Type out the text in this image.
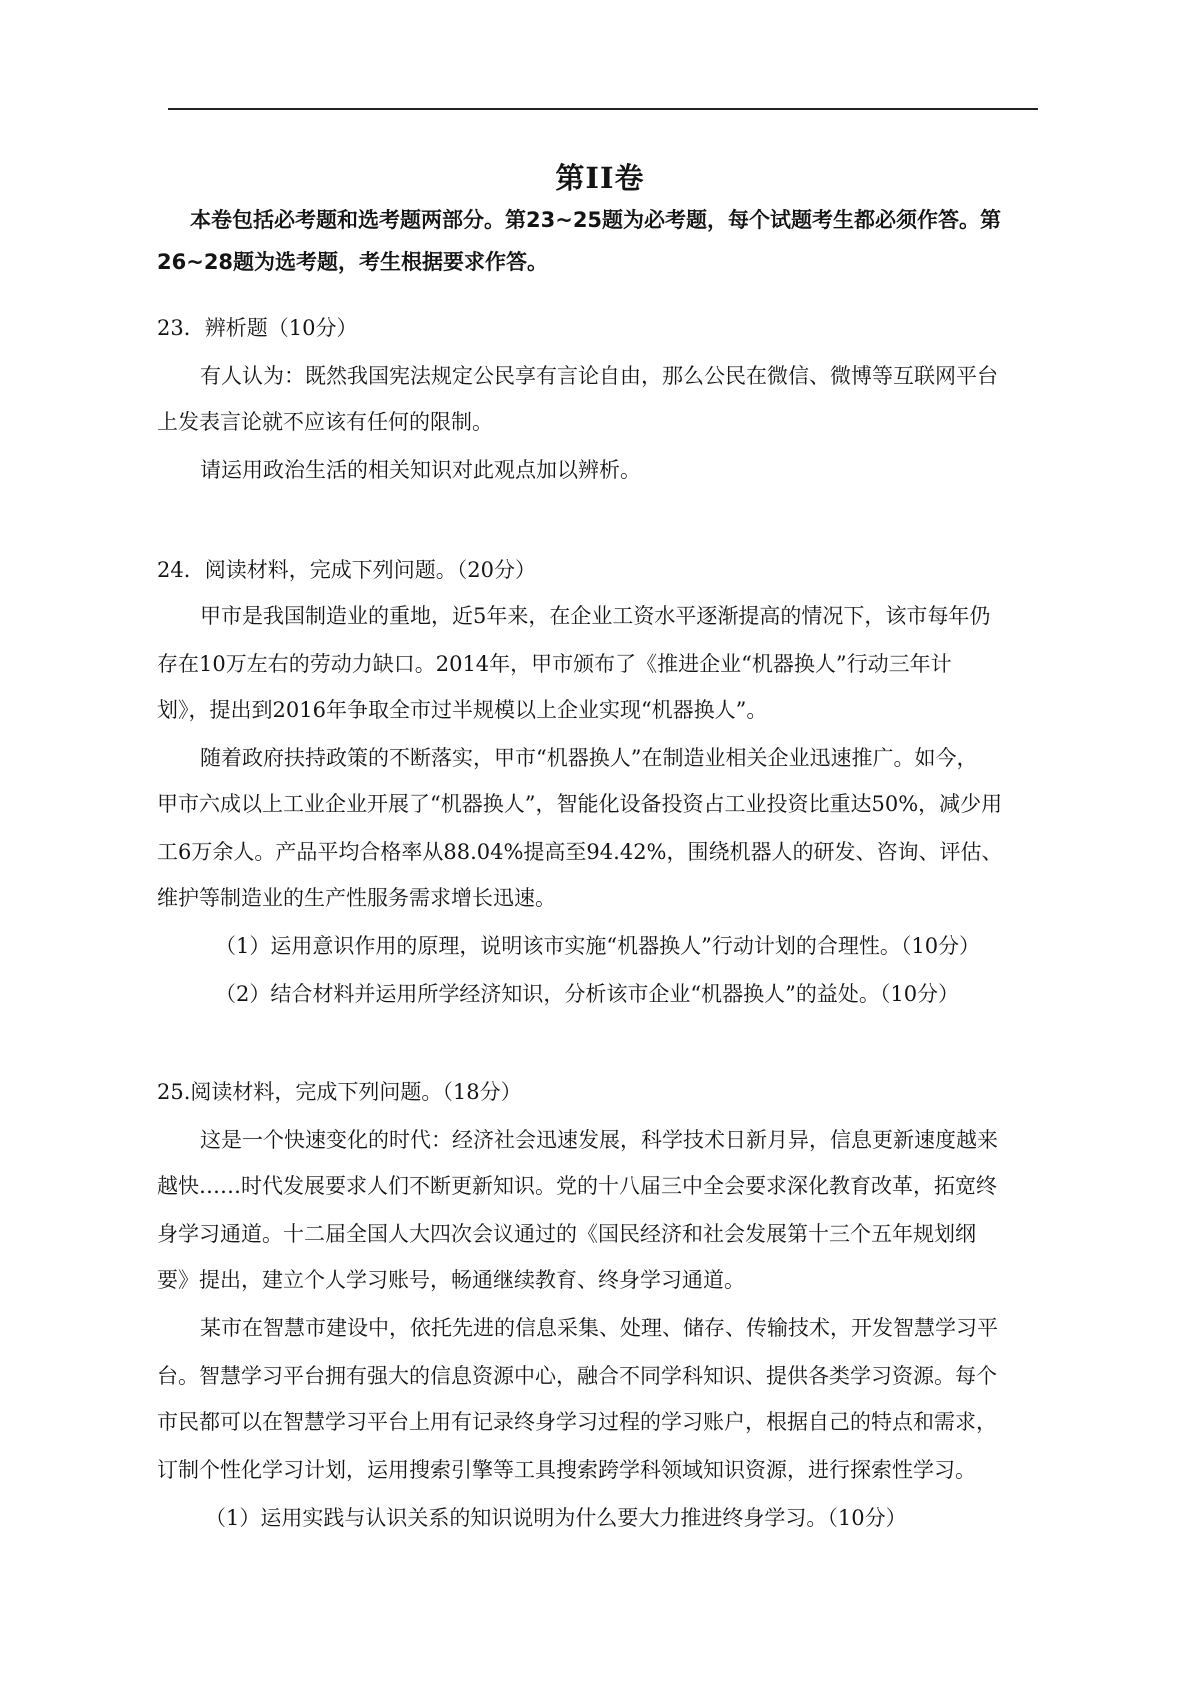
第II卷
本卷包括必考题和选考题两部分。第23~25题为必考题，每个试题考生都必须作答。第
26~28题为选考题，考生根据要求作答。
23．辨析题（10分）
有人认为：既然我国宪法规定公民享有言论自由，那么公民在微信、微博等互联网平台
上发表言论就不应该有任何的限制。
请运用政治生活的相关知识对此观点加以辨析。
24．阅读材料，完成下列问题。（20分）
甲市是我国制造业的重地，近5年来，在企业工资水平逐渐提高的情况下，该市每年仍
存在10万左右的劳动力缺口。2014年，甲市颁布了《推进企业“机器换人”行动三年计
划》，提出到2016年争取全市过半规模以上企业实现“机器换人”。
随着政府扶持政策的不断落实，甲市“机器换人”在制造业相关企业迅速推广。如今，
甲市六成以上工业企业开展了“机器换人”，智能化设备投资占工业投资比重达50%，减少用
工6万余人。产品平均合格率从88.04%提高至94.42%，围绕机器人的研发、咨询、评估、
维护等制造业的生产性服务需求增长迅速。
（1）运用意识作用的原理，说明该市实施“机器换人”行动计划的合理性。（10分）
（2）结合材料并运用所学经济知识，分析该市企业“机器换人”的益处。（10分）
25.阅读材料，完成下列问题。（18分）
这是一个快速变化的时代：经济社会迅速发展，科学技术日新月异，信息更新速度越来
越快……时代发展要求人们不断更新知识。党的十八届三中全会要求深化教育改革，拓宽终
身学习通道。十二届全国人大四次会议通过的《国民经济和社会发展第十三个五年规划纲
要》提出，建立个人学习账号，畅通继续教育、终身学习通道。
某市在智慧市建设中，依托先进的信息采集、处理、储存、传输技术，开发智慧学习平
台。智慧学习平台拥有强大的信息资源中心，融合不同学科知识、提供各类学习资源。每个
市民都可以在智慧学习平台上用有记录终身学习过程的学习账户，根据自己的特点和需求，
订制个性化学习计划，运用搜索引擎等工具搜索跨学科领域知识资源，进行探索性学习。
（1）运用实践与认识关系的知识说明为什么要大力推进终身学习。（10分）
